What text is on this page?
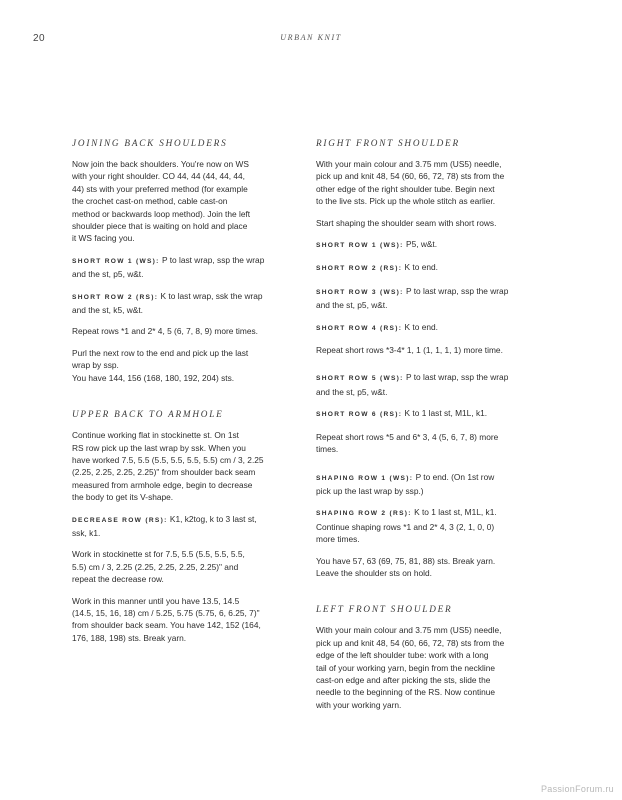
20	URBAN KNIT
JOINING BACK SHOULDERS
Now join the back shoulders. You're now on WS
with your right shoulder. CO 44, 44 (44, 44, 44,
44) sts with your preferred method (for example
the crochet cast-on method, cable cast-on
method or backwards loop method). Join the left
shoulder piece that is waiting on hold and place
it WS facing you.
SHORT ROW 1 (WS): P to last wrap, ssp the wrap
and the st, p5, w&t.
SHORT ROW 2 (RS): K to last wrap, ssk the wrap
and the st, k5, w&t.
Repeat rows *1 and 2* 4, 5 (6, 7, 8, 9) more times.
Purl the next row to the end and pick up the last
wrap by ssp.
You have 144, 156 (168, 180, 192, 204) sts.
UPPER BACK TO ARMHOLE
Continue working flat in stockinette st. On 1st
RS row pick up the last wrap by ssk. When you
have worked 7.5, 5.5 (5.5, 5.5, 5.5, 5.5) cm / 3, 2.25
(2.25, 2.25, 2.25, 2.25)" from shoulder back seam
measured from armhole edge, begin to decrease
the body to get its V-shape.
DECREASE ROW (RS): K1, k2tog, k to 3 last st,
ssk, k1.
Work in stockinette st for 7.5, 5.5 (5.5, 5.5, 5.5,
5.5) cm / 3, 2.25 (2.25, 2.25, 2.25, 2.25)" and
repeat the decrease row.
Work in this manner until you have 13.5, 14.5
(14.5, 15, 16, 18) cm / 5.25, 5.75 (5.75, 6, 6.25, 7)"
from shoulder back seam. You have 142, 152 (164,
176, 188, 198) sts. Break yarn.
RIGHT FRONT SHOULDER
With your main colour and 3.75 mm (US5) needle,
pick up and knit 48, 54 (60, 66, 72, 78) sts from the
other edge of the right shoulder tube. Begin next
to the live sts. Pick up the whole stitch as earlier.
Start shaping the shoulder seam with short rows.
SHORT ROW 1 (WS): P5, w&t.
SHORT ROW 2 (RS): K to end.
SHORT ROW 3 (WS): P to last wrap, ssp the wrap
and the st, p5, w&t.
SHORT ROW 4 (RS): K to end.
Repeat short rows *3-4* 1, 1 (1, 1, 1, 1) more time.
SHORT ROW 5 (WS): P to last wrap, ssp the wrap
and the st, p5, w&t.
SHORT ROW 6 (RS): K to 1 last st, M1L, k1.
Repeat short rows *5 and 6* 3, 4 (5, 6, 7, 8) more
times.
SHAPING ROW 1 (WS): P to end. (On 1st row
pick up the last wrap by ssp.)
SHAPING ROW 2 (RS): K to 1 last st, M1L, k1.
Continue shaping rows *1 and 2* 4, 3 (2, 1, 0, 0)
more times.
You have 57, 63 (69, 75, 81, 88) sts. Break yarn.
Leave the shoulder sts on hold.
LEFT FRONT SHOULDER
With your main colour and 3.75 mm (US5) needle,
pick up and knit 48, 54 (60, 66, 72, 78) sts from the
edge of the left shoulder tube: work with a long
tail of your working yarn, begin from the neckline
cast-on edge and after picking the sts, slide the
needle to the beginning of the RS. Now continue
with your working yarn.
PassionForum.ru
